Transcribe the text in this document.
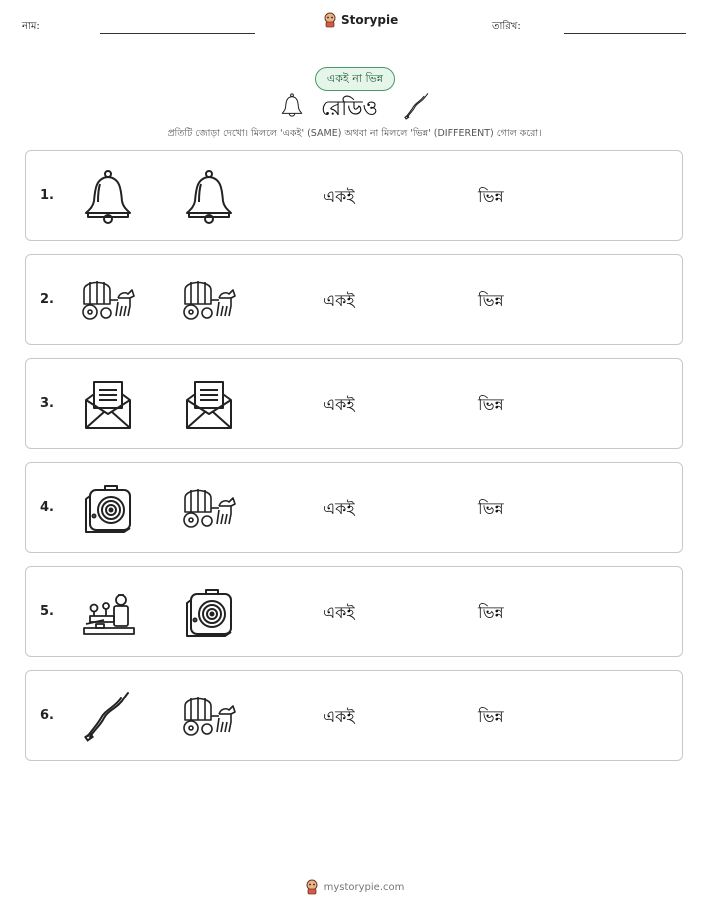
নাম:	Storypie	তারিখ:
একই না ভিন্ন
রেডিও
প্রতিটি জোড়া দেখো। মিললে 'একই' (SAME) অথবা না মিললে 'ভিন্ন' (DIFFERENT) গোল করো।
1.	একই	ভিন্ন
2.	একই	ভিন্ন
3.	একই	ভিন্ন
4.	একই	ভিন্ন
5.	একই	ভিন্ন
6.	একই	ভিন্ন
mystorypie.com
